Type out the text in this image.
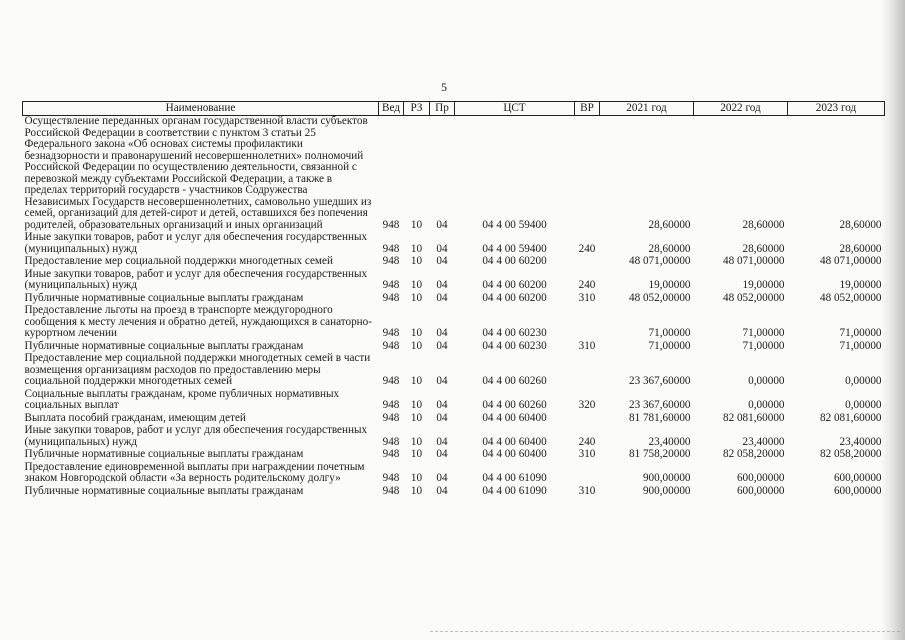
5
Наименование	Вед	РЗ	Пр	ЦСТ	ВР	2021 год	2022 год	2023 год
Осуществление переданных органам государственной власти субъектов Российской Федерации в соответствии с пунктом 3 статьи 25 Федерального закона «Об основах системы профилактики безнадзорности и правонарушений несовершеннолетних» полномочий Российской Федерации по осуществлению деятельности, связанной с перевозкой между субъектами Российской Федерации, а также в пределах территорий государств - участников Содружества Независимых Государств несовершеннолетних, самовольно ушедших из семей, организаций для детей-сирот и детей, оставшихся без попечения родителей, образовательных организаций и иных организаций	948	10	04	04 4 00 59400		28,60000	28,60000	28,60000
Иные закупки товаров, работ и услуг для обеспечения государственных (муниципальных) нужд	948	10	04	04 4 00 59400	240	28,60000	28,60000	28,60000
Предоставление мер социальной поддержки многодетных семей	948	10	04	04 4 00 60200		48 071,00000	48 071,00000	48 071,00000
Иные закупки товаров, работ и услуг для обеспечения государственных (муниципальных) нужд	948	10	04	04 4 00 60200	240	19,00000	19,00000	19,00000
Публичные нормативные социальные выплаты гражданам	948	10	04	04 4 00 60200	310	48 052,00000	48 052,00000	48 052,00000
Предоставление льготы на проезд в транспорте междугородного сообщения к месту лечения и обратно детей, нуждающихся в санаторно-курортном лечении	948	10	04	04 4 00 60230		71,00000	71,00000	71,00000
Публичные нормативные социальные выплаты гражданам	948	10	04	04 4 00 60230	310	71,00000	71,00000	71,00000
Предоставление мер социальной поддержки многодетных семей в части возмещения организациям расходов по предоставлению меры социальной поддержки многодетных семей	948	10	04	04 4 00 60260		23 367,60000	0,00000	0,00000
Социальные выплаты гражданам, кроме публичных нормативных социальных выплат	948	10	04	04 4 00 60260	320	23 367,60000	0,00000	0,00000
Выплата пособий гражданам, имеющим детей	948	10	04	04 4 00 60400		81 781,60000	82 081,60000	82 081,60000
Иные закупки товаров, работ и услуг для обеспечения государственных (муниципальных) нужд	948	10	04	04 4 00 60400	240	23,40000	23,40000	23,40000
Публичные нормативные социальные выплаты гражданам	948	10	04	04 4 00 60400	310	81 758,20000	82 058,20000	82 058,20000
Предоставление единовременной выплаты при награждении почетным знаком Новгородской области «За верность родительскому долгу»	948	10	04	04 4 00 61090		900,00000	600,00000	600,00000
Публичные нормативные социальные выплаты гражданам	948	10	04	04 4 00 61090	310	900,00000	600,00000	600,00000
